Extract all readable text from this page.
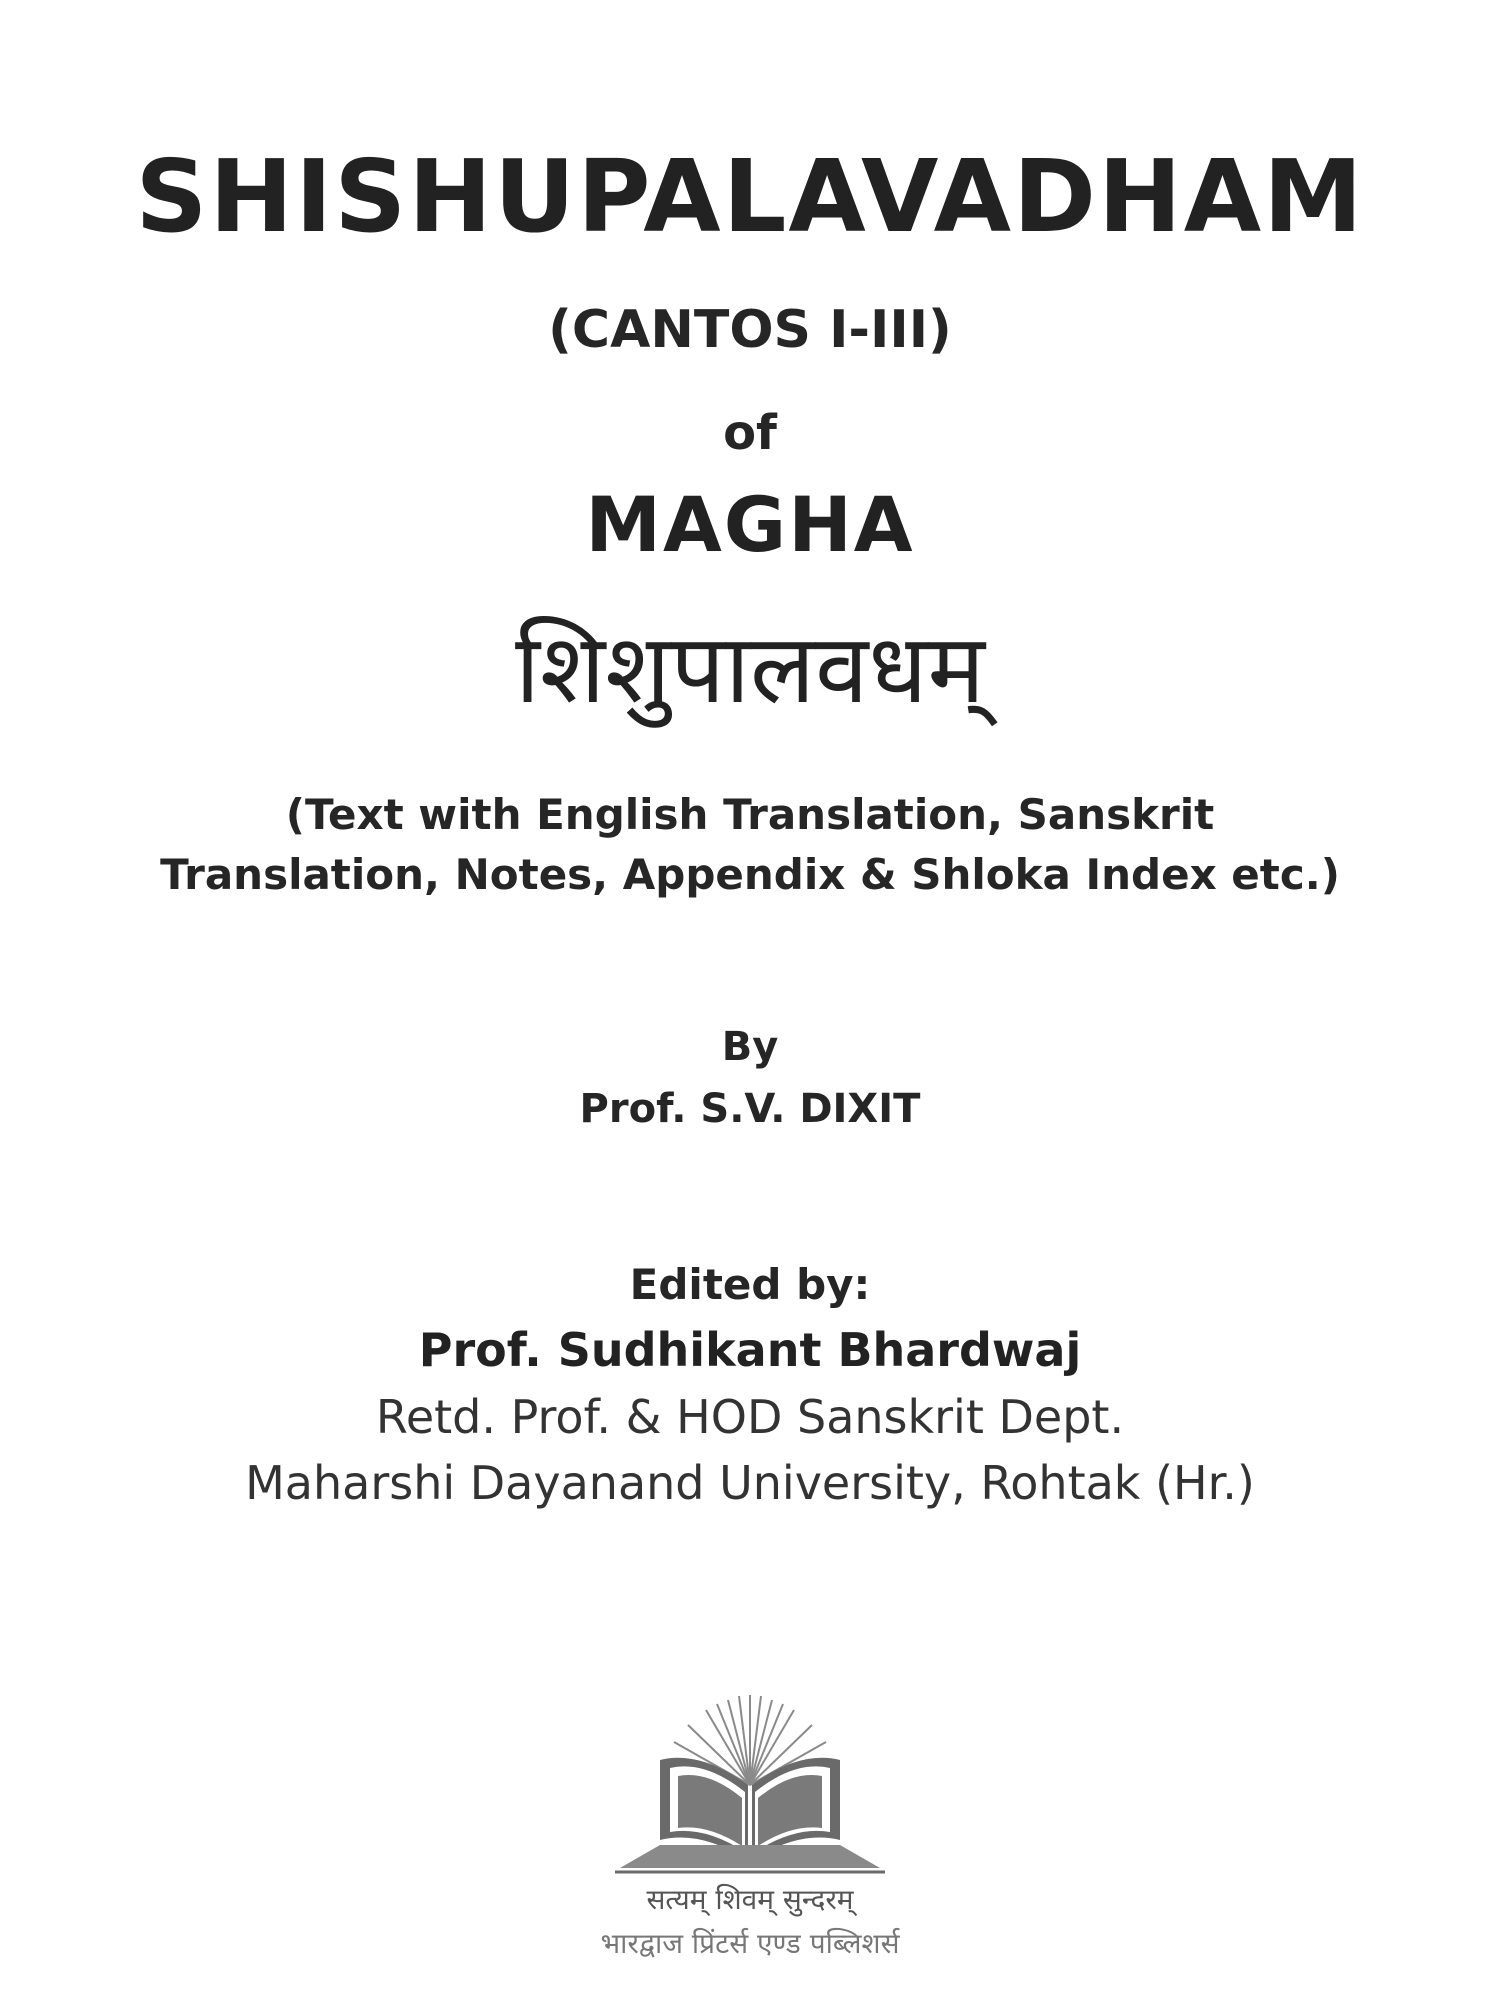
SHISHUPALAVADHAM
(CANTOS I-III)
of
MAGHA
शिशुपालवधम्
(Text with English Translation, Sanskrit
Translation, Notes, Appendix & Shloka Index etc.)
By
Prof. S.V. DIXIT
Edited by:
Prof. Sudhikant Bhardwaj
Retd. Prof. & HOD Sanskrit Dept.
Maharshi Dayanand University, Rohtak (Hr.)
सत्यम् शिवम् सुन्दरम्
भारद्वाज प्रिंटर्स एण्ड पब्लिशर्स
